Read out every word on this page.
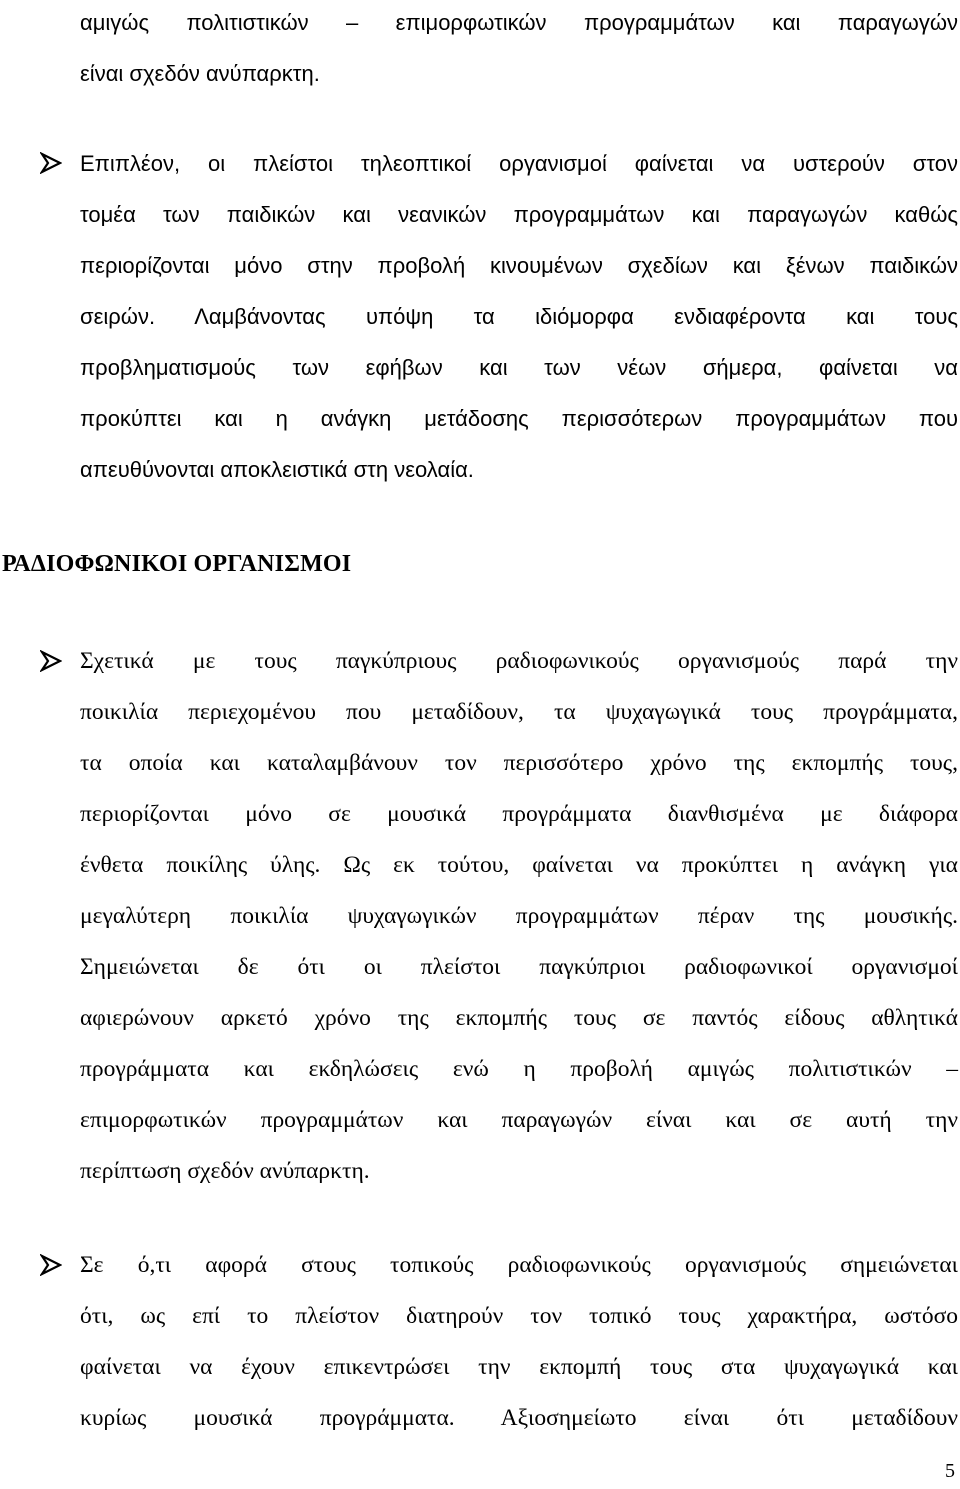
αμιγώς πολιτιστικών – επιμορφωτικών προγραμμάτων και παραγωγών
είναι σχεδόν ανύπαρκτη.
Επιπλέον, οι πλείστοι τηλεοπτικοί οργανισμοί φαίνεται να υστερούν στον
τομέα των παιδικών και νεανικών προγραμμάτων και παραγωγών καθώς
περιορίζονται μόνο στην προβολή κινουμένων σχεδίων και ξένων παιδικών
σειρών. Λαμβάνοντας υπόψη τα ιδιόμορφα ενδιαφέροντα και τους
προβληματισμούς των εφήβων και των νέων σήμερα, φαίνεται να
προκύπτει και η ανάγκη μετάδοσης περισσότερων προγραμμάτων που
απευθύνονται αποκλειστικά στη νεολαία.
ΡΑΔΙΟΦΩΝΙΚΟΙ ΟΡΓΑΝΙΣΜΟΙ
Σχετικά με τους παγκύπριους ραδιοφωνικούς οργανισμούς παρά την
ποικιλία περιεχομένου που μεταδίδουν, τα ψυχαγωγικά τους προγράμματα,
τα οποία και καταλαμβάνουν τον περισσότερο χρόνο της εκπομπής τους,
περιορίζονται μόνο σε μουσικά προγράμματα διανθισμένα με διάφορα
ένθετα ποικίλης ύλης. Ως εκ τούτου, φαίνεται να προκύπτει η ανάγκη για
μεγαλύτερη ποικιλία ψυχαγωγικών προγραμμάτων πέραν της μουσικής.
Σημειώνεται δε ότι οι πλείστοι παγκύπριοι ραδιοφωνικοί οργανισμοί
αφιερώνουν αρκετό χρόνο της εκπομπής τους σε παντός είδους αθλητικά
προγράμματα και εκδηλώσεις ενώ η προβολή αμιγώς πολιτιστικών –
επιμορφωτικών προγραμμάτων και παραγωγών είναι και σε αυτή την
περίπτωση σχεδόν ανύπαρκτη.
Σε ό,τι αφορά στους τοπικούς ραδιοφωνικούς οργανισμούς σημειώνεται
ότι, ως επί το πλείστον διατηρούν τον τοπικό τους χαρακτήρα, ωστόσο
φαίνεται να έχουν επικεντρώσει την εκπομπή τους στα ψυχαγωγικά και
κυρίως μουσικά προγράμματα. Αξιοσημείωτο είναι ότι μεταδίδουν
5
